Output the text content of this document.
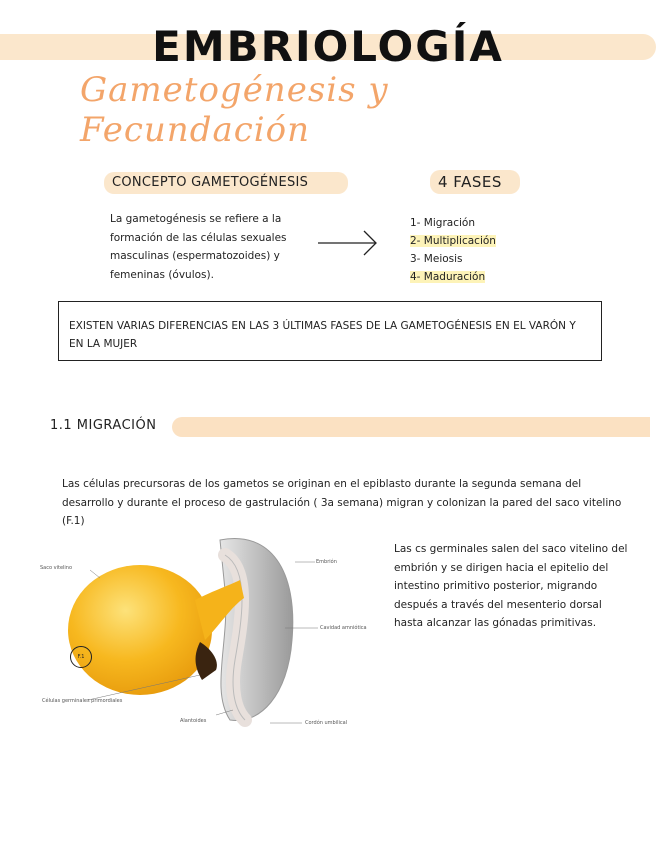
EMBRIOLOGÍA
Gametogénesis y Fecundación
CONCEPTO GAMETOGÉNESIS
La gametogénesis se refiere a la formación de las células sexuales masculinas (espermatozoides) y femeninas (óvulos).
4 FASES
1- Migración
2- Multiplicación
3- Meiosis
4- Maduración
EXISTEN VARIAS DIFERENCIAS EN LAS 3 ÚLTIMAS FASES DE LA GAMETOGÉNESIS EN EL VARÓN Y EN LA MUJER
1.1 MIGRACIÓN
Las células precursoras de los gametos se originan en el epiblasto durante la segunda semana del desarrollo y durante el proceso de gastrulación ( 3a semana) migran y colonizan la pared del saco vitelino (F.1)
Las cs germinales salen del saco vitelino del embrión y se dirigen hacia el epitelio del intestino primitivo posterior, migrando después a través del mesenterio dorsal hasta alcanzar las gónadas primitivas.
Saco vitelino
Embrión
Cavidad amniótica
Células germinales primordiales
Alantoides	Cordón umbilical
F.1
